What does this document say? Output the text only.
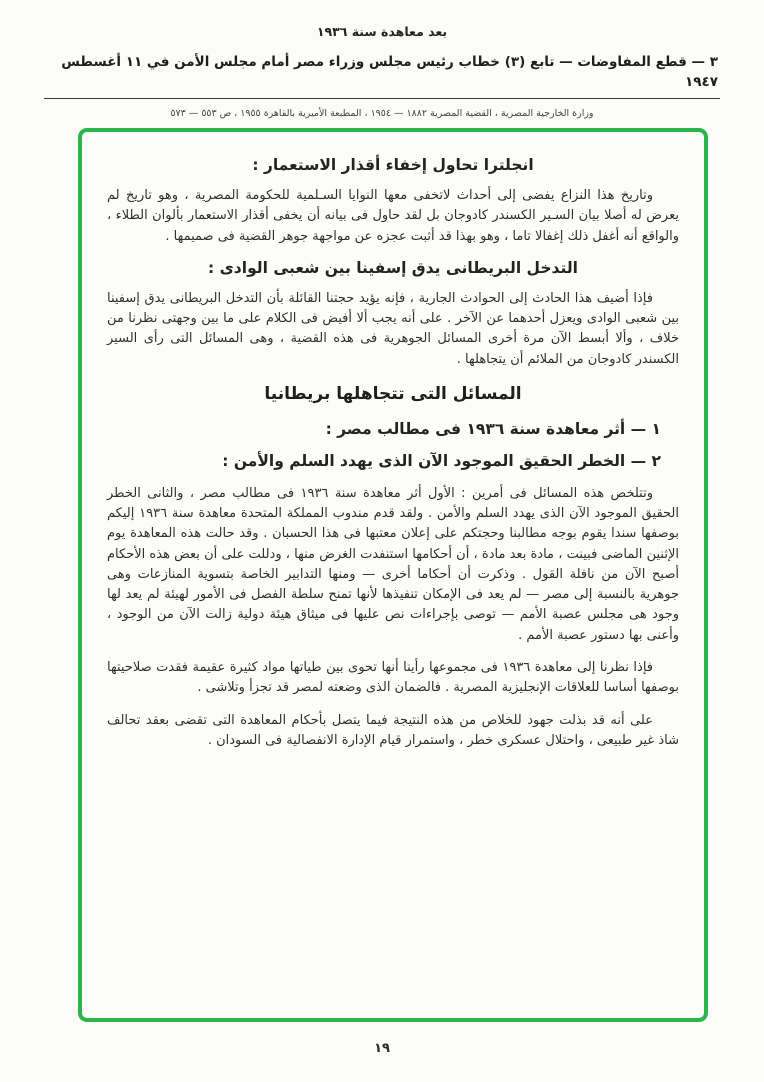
بعد معاهدة سنة ١٩٣٦
٣ — قطع المفاوضات — تابع (٣) خطاب رئيس مجلس وزراء مصر أمام مجلس الأمن في ١١ أغسطس ١٩٤٧
وزارة الخارجية المصرية ، القضية المصرية ١٨٨٢ — ١٩٥٤ ، المطبعة الأميرية بالقاهرة ١٩٥٥ ، ص ٥٥٣ — ٥٧٣
انجلترا تحاول إخفاء أقذار الاستعمار :

وتاريخ هذا النزاع يفضى إلى أحداث لاتخفى معها النوايا السـلمية للحكومة المصرية ، وهو تاريخ لم يعرض له أصلا بيان السـير الكسندر كادوجان بل لقد حاول فى بيانه أن يخفى أقذار الاستعمار بألوان الطلاء ، والواقع أنه أغفل ذلك إغفالا تاما ، وهو بهذا قد أثبت عجزه عن مواجهة جوهر القضية فى صميمها .

التدخل البريطانى يدق إسفينا بين شعبى الوادى :

فإذا أضيف هذا الحادث إلى الحوادث الجارية ، فإنه يؤيد حجتنا القائلة بأن التدخل البريطانى يدق إسفينا بين شعبى الوادى ويعزل أحدهما عن الآخر . على أنه يجب ألا أفيض فى الكلام على ما بين وجهتى نظرنا من خلاف ، وألا أبسط الآن مرة أخرى المسائل الجوهرية فى هذه القضية ، وهى المسائل التى رأى السير الكسندر كادوجان من الملائم أن يتجاهلها .

المسائل التى تتجاهلها بريطانيا
١ — أثر معاهدة سنة ١٩٣٦ فى مطالب مصر :
٢ — الخطر الحقيق الموجود الآن الذى يهدد السلم والأمن :

وتتلخص هذه المسائل فى أمرين : الأول أثر معاهدة سنة ١٩٣٦ فى مطالب مصر ، والثانى الخطر الحقيق الموجود الآن الذى يهدد السلم والأمن . ولقد قدم مندوب المملكة المتحدة معاهدة سنة ١٩٣٦ إليكم بوصفها سندا يقوم بوجه مطالبنا وحجتكم على إعلان معتبها فى هذا الحسبان . وقد حالت هذه المعاهدة يوم الإثنين الماضى فبينت ، مادة بعد مادة ، أن أحكامها استنفدت الغرض منها ، ودللت على أن بعض هذه الأحكام أصبح الآن من نافلة القول . وذكرت أن أحكاما أخرى — ومنها التدابير الخاصة بتسوية المنازعات وهى جوهرية بالنسبة إلى مصر — لم يعد فى الإمكان تنفيذها لأنها تمنح سلطة الفصل فى الأمور لهيئة لم يعد لها وجود هى مجلس عصبة الأمم — توصى بإجراءات نص عليها فى ميثاق هيئة دولية زالت الآن من الوجود ، وأعنى بها دستور عصبة الأمم .

فإذا نظرنا إلى معاهدة ١٩٣٦ فى مجموعها رأينا أنها تحوى بين طياتها مواد كثيرة عقيمة فقدت صلاحيتها بوصفها أساسا للعلاقات الإنجليزية المصرية . فالضمان الذى وضعته لمصر قد تجزأ وتلاشى .

على أنه قد بذلت جهود للخلاص من هذه النتيجة فيما يتصل بأحكام المعاهدة التى تقضى بعقد تحالف شاذ غير طبيعى ، واحتلال عسكرى خطر ، واستمرار قيام الإدارة الانفصالية فى السودان .

١٩
